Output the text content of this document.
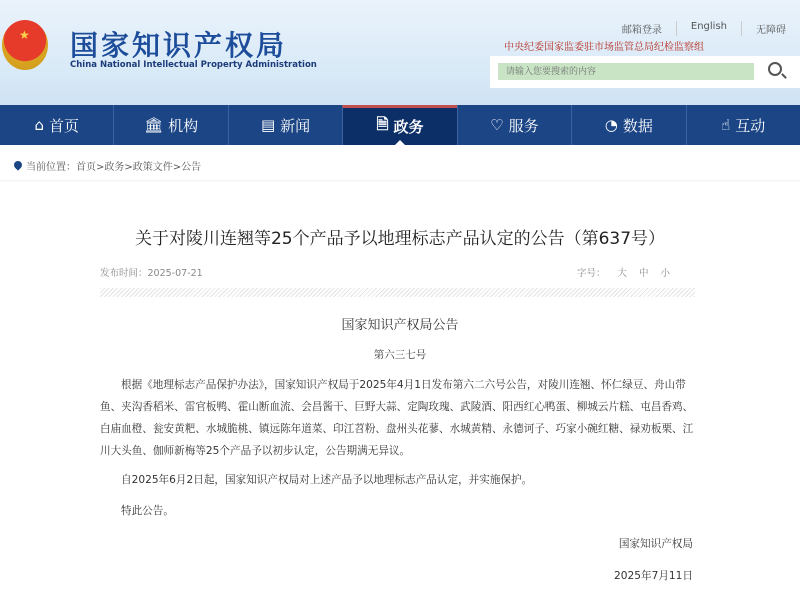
★ 国家知识产权局
China National Intellectual Property Administration
邮箱登录	English	无障碍
中央纪委国家监委驻市场监管总局纪检监察组
请输入您要搜索的内容
⌂ 首页	🏛 机构	▤ 新闻	🗎 政务	♡ 服务	◔ 数据	☝ 互动
当前位置： 首页>政务>政策文件>公告
关于对陵川连翘等25个产品予以地理标志产品认定的公告（第637号）
发布时间：2025-07-21	字号： 大 中 小
国家知识产权局公告
第六三七号
根据《地理标志产品保护办法》，国家知识产权局于2025年4月1日发布第六二六号公告，对陵川连翘、怀仁绿豆、舟山带鱼、夹沟香稻米、雷官板鸭、霍山断血流、会昌酱干、巨野大蒜、定陶玫瑰、武陵酒、阳西红心鸭蛋、柳城云片糕、屯昌香鸡、白庙血橙、瓮安黄粑、水城脆桃、镇远陈年道菜、印江苕粉、盘州头花蓼、水城黄精、永德诃子、巧家小碗红糖、禄劝板栗、江川大头鱼、伽师新梅等25个产品予以初步认定，公告期满无异议。
自2025年6月2日起，国家知识产权局对上述产品予以地理标志产品认定，并实施保护。
特此公告。
国家知识产权局
2025年7月11日
